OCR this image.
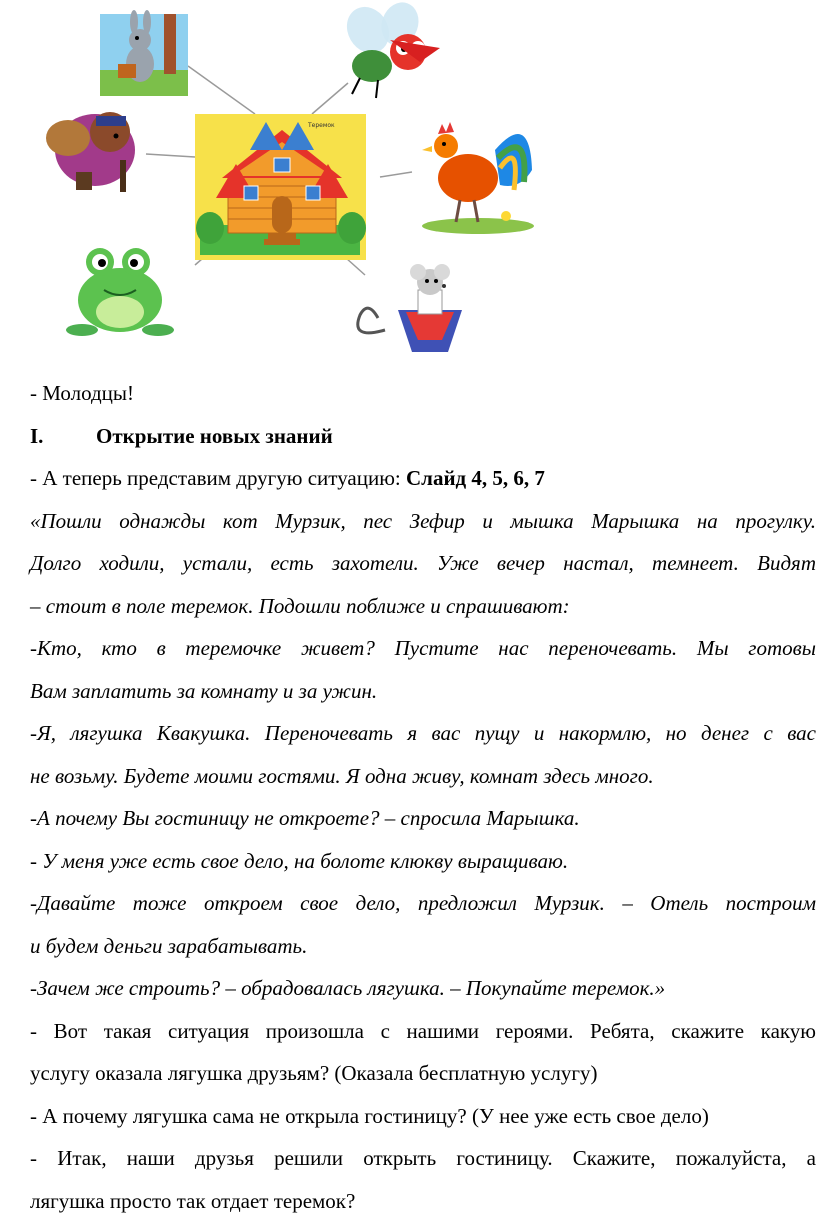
Теремок
- Молодцы!
I.	Открытие новых знаний
- А теперь представим другую ситуацию: Слайд 4, 5, 6, 7
«Пошли однажды кот Мурзик, пес Зефир и мышка Марышка на прогулку.
Долго ходили, устали, есть захотели. Уже вечер настал, темнеет. Видят
– стоит в поле теремок. Подошли поближе и спрашивают:
-Кто, кто в теремочке живет? Пустите нас переночевать. Мы готовы
Вам заплатить за комнату и за ужин.
-Я, лягушка Квакушка. Переночевать я вас пущу и накормлю, но денег с вас
не возьму. Будете моими гостями. Я одна живу, комнат здесь много.
-А почему Вы гостиницу не откроете? – спросила Марышка.
- У меня уже есть свое дело, на болоте клюкву выращиваю.
-Давайте тоже откроем свое дело, предложил Мурзик. – Отель построим
и будем деньги зарабатывать.
-Зачем же строить? – обрадовалась лягушка. – Покупайте теремок.»
- Вот такая ситуация произошла с нашими героями. Ребята, скажите какую
услугу оказала лягушка друзьям? (Оказала бесплатную услугу)
- А почему лягушка сама не открыла гостиницу? (У нее уже есть свое дело)
- Итак, наши друзья решили открыть гостиницу. Скажите, пожалуйста, а
лягушка просто так отдает теремок?
